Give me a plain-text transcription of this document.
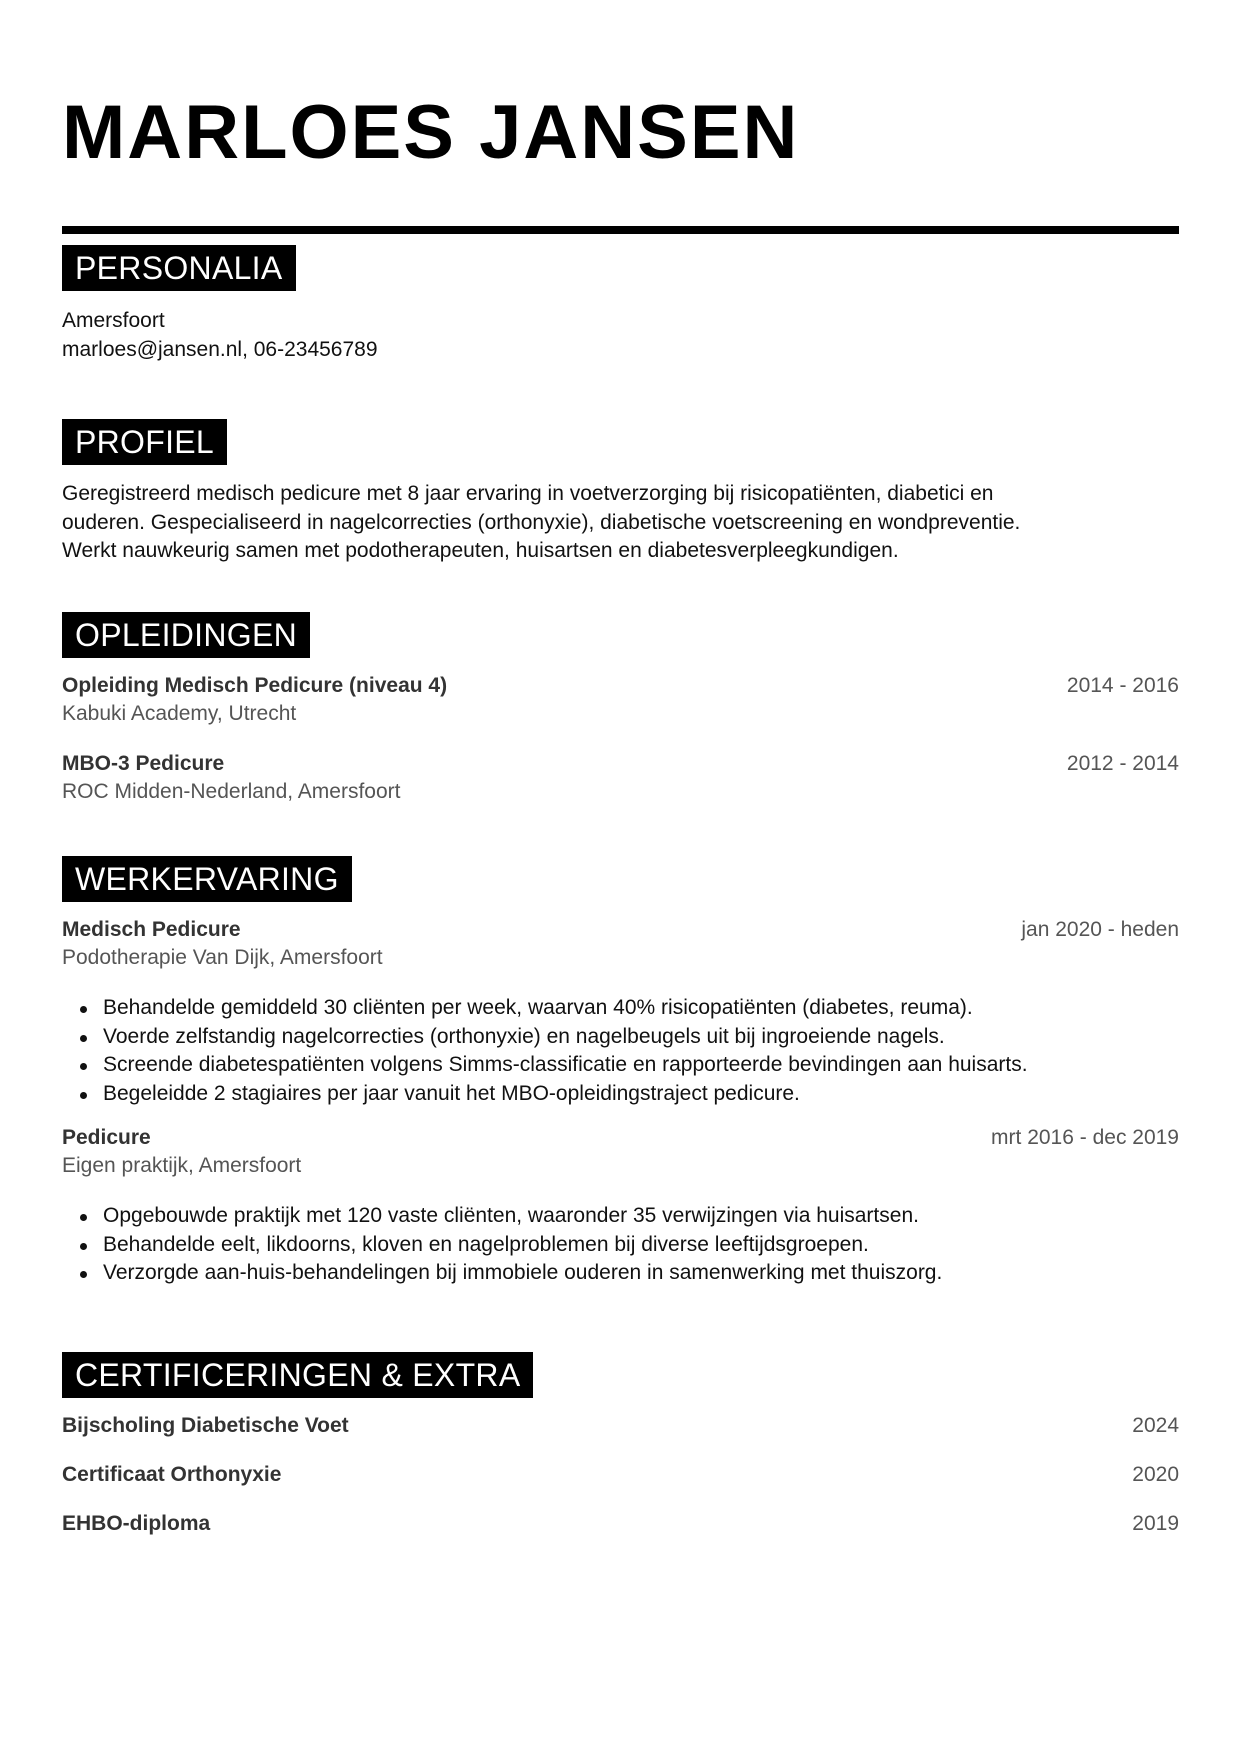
MARLOES JANSEN
PERSONALIA
Amersfoort
marloes@jansen.nl, 06-23456789
PROFIEL
Geregistreerd medisch pedicure met 8 jaar ervaring in voetverzorging bij risicopatiënten, diabetici en
ouderen. Gespecialiseerd in nagelcorrecties (orthonyxie), diabetische voetscreening en wondpreventie.
Werkt nauwkeurig samen met podotherapeuten, huisartsen en diabetesverpleegkundigen.
OPLEIDINGEN
Opleiding Medisch Pedicure (niveau 4)
Kabuki Academy, Utrecht
2014 - 2016
MBO-3 Pedicure
ROC Midden-Nederland, Amersfoort
2012 - 2014
WERKERVARING
Medisch Pedicure
Podotherapie Van Dijk, Amersfoort
jan 2020 - heden
Behandelde gemiddeld 30 cliënten per week, waarvan 40% risicopatiënten (diabetes, reuma).
Voerde zelfstandig nagelcorrecties (orthonyxie) en nagelbeugels uit bij ingroeiende nagels.
Screende diabetespatiënten volgens Simms-classificatie en rapporteerde bevindingen aan huisarts.
Begeleidde 2 stagiaires per jaar vanuit het MBO-opleidingstraject pedicure.
Pedicure
Eigen praktijk, Amersfoort
mrt 2016 - dec 2019
Opgebouwde praktijk met 120 vaste cliënten, waaronder 35 verwijzingen via huisartsen.
Behandelde eelt, likdoorns, kloven en nagelproblemen bij diverse leeftijdsgroepen.
Verzorgde aan-huis-behandelingen bij immobiele ouderen in samenwerking met thuiszorg.
CERTIFICERINGEN & EXTRA
Bijscholing Diabetische Voet	2024
Certificaat Orthonyxie	2020
EHBO-diploma	2019
